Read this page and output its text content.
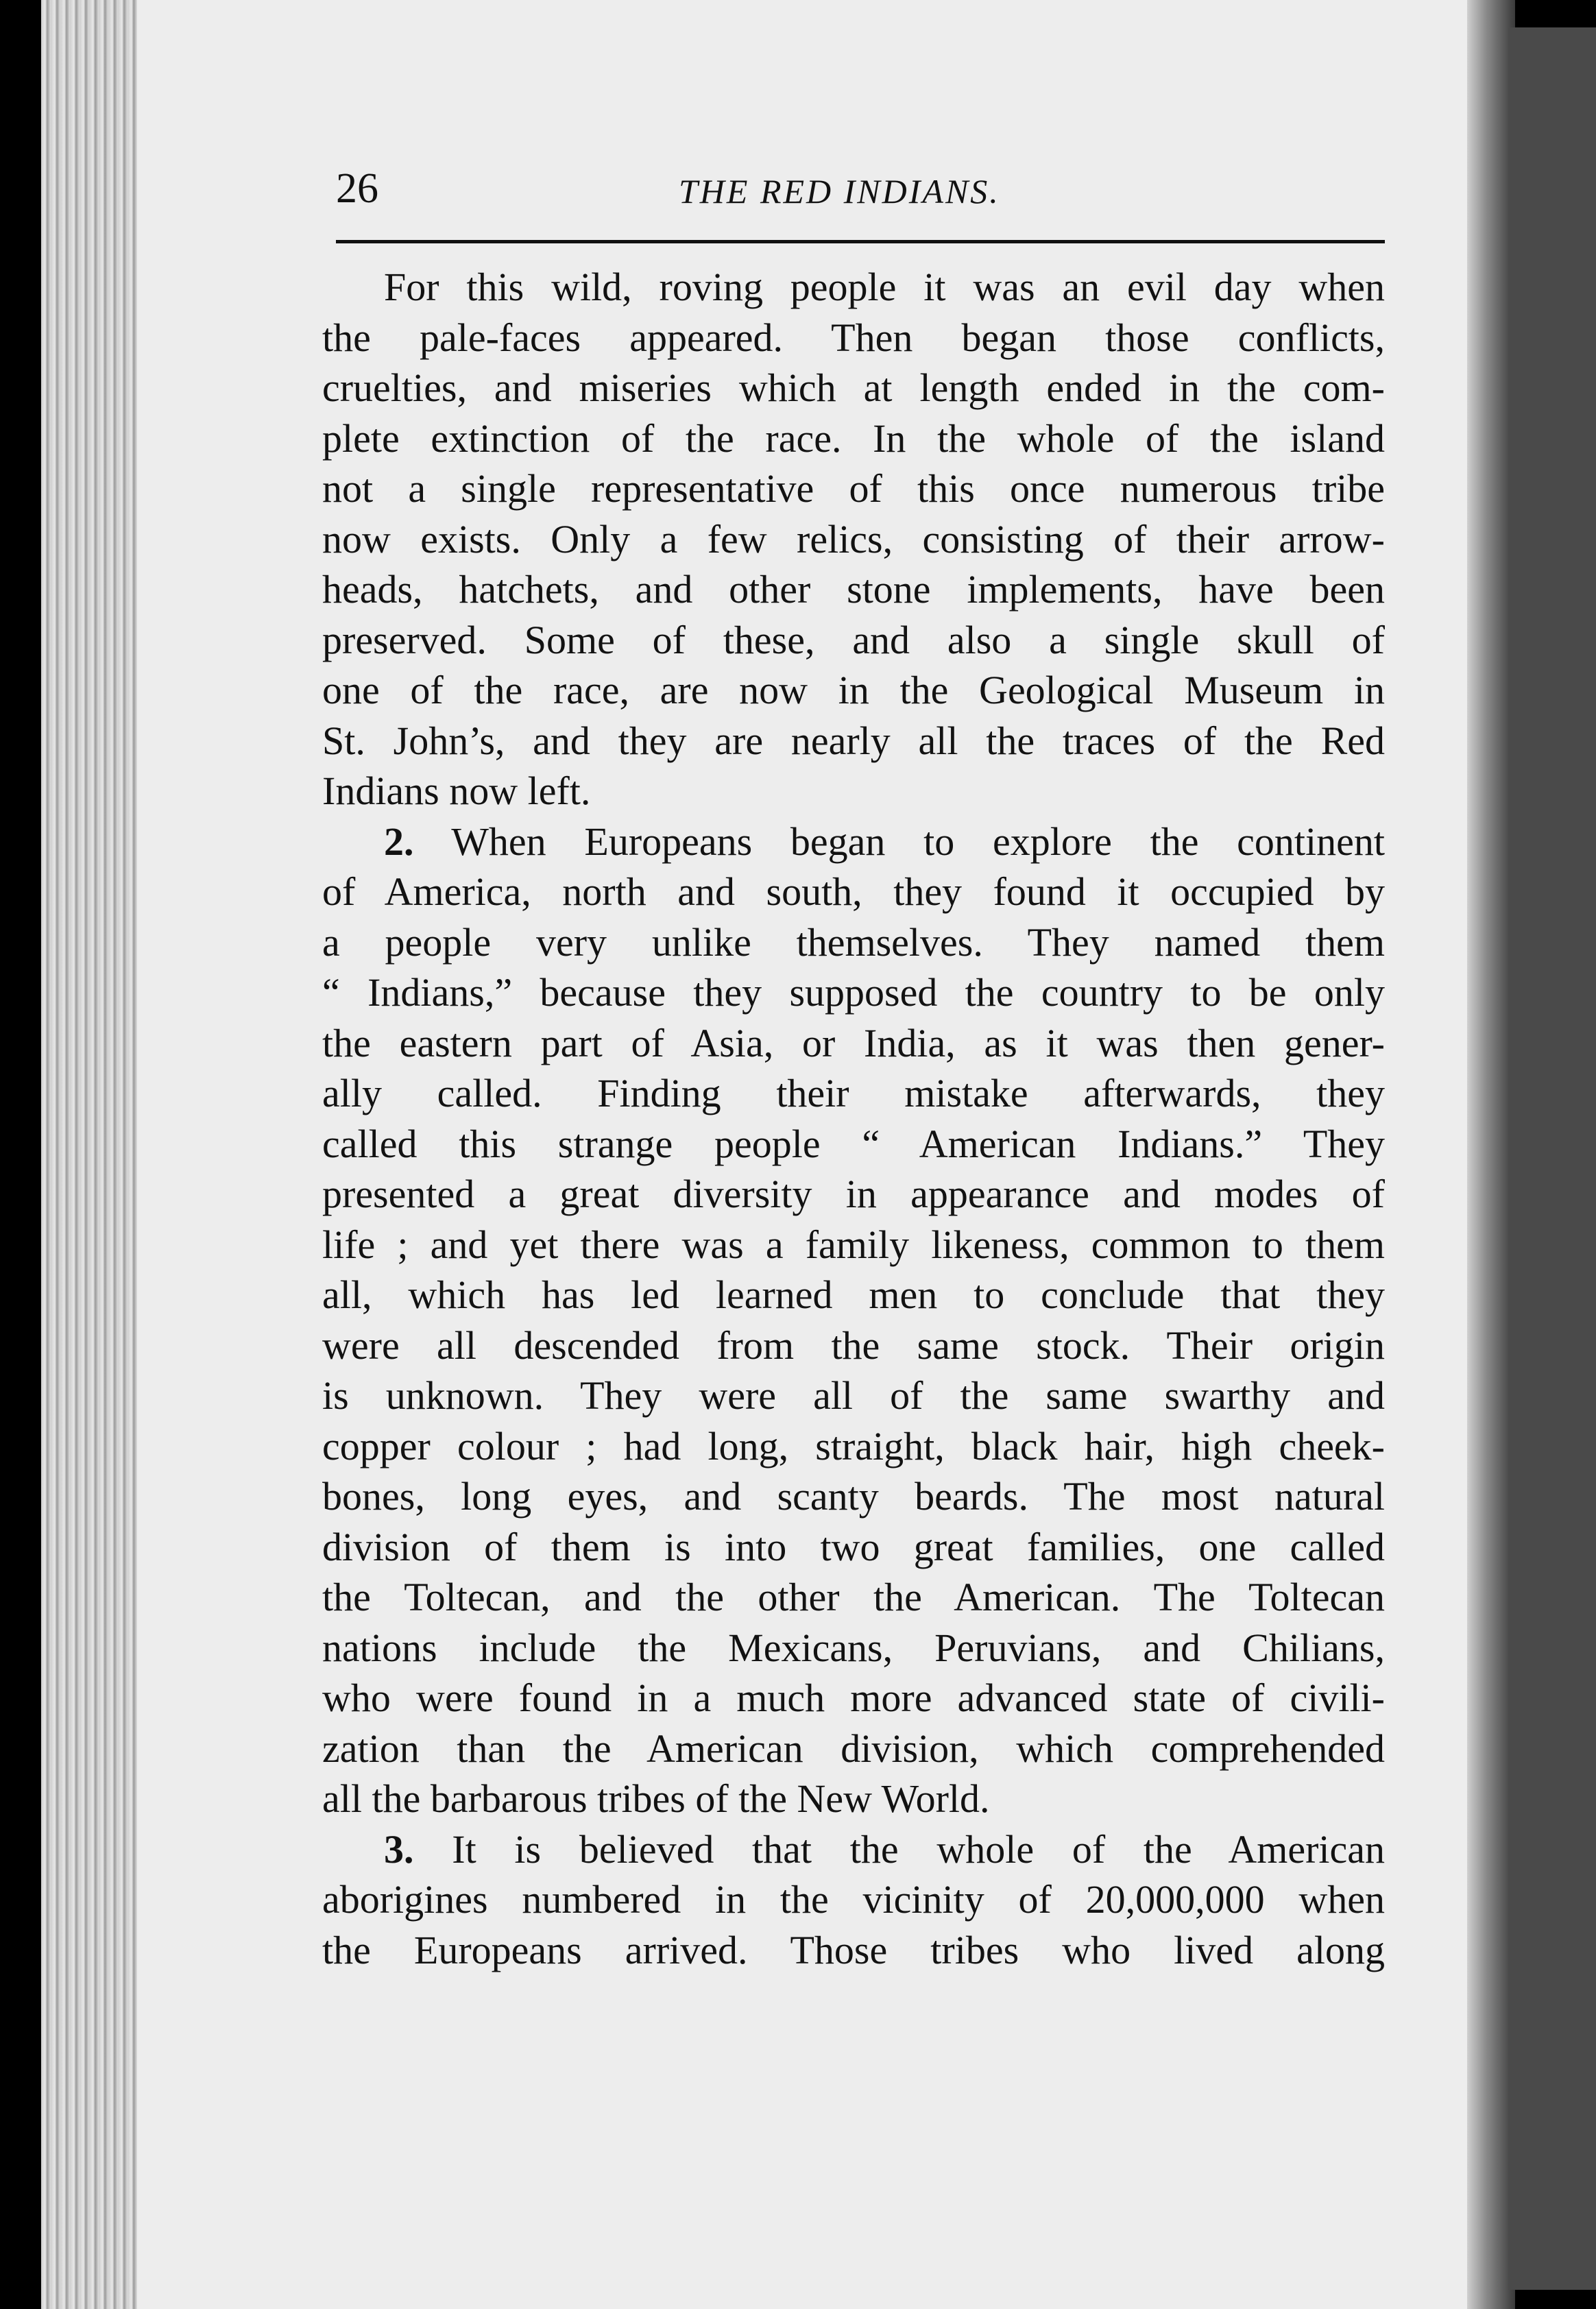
26	THE RED INDIANS.
For this wild, roving people it was an evil day when
the pale-faces appeared. Then began those conflicts,
cruelties, and miseries which at length ended in the com-
plete extinction of the race. In the whole of the island
not a single representative of this once numerous tribe
now exists. Only a few relics, consisting of their arrow-
heads, hatchets, and other stone implements, have been
preserved. Some of these, and also a single skull of
one of the race, are now in the Geological Museum in
St. John’s, and they are nearly all the traces of the Red
Indians now left.
2. When Europeans began to explore the continent
of America, north and south, they found it occupied by
a people very unlike themselves. They named them
“ Indians,” because they supposed the country to be only
the eastern part of Asia, or India, as it was then gener-
ally called. Finding their mistake afterwards, they
called this strange people “ American Indians.” They
presented a great diversity in appearance and modes of
life ; and yet there was a family likeness, common to them
all, which has led learned men to conclude that they
were all descended from the same stock. Their origin
is unknown. They were all of the same swarthy and
copper colour ; had long, straight, black hair, high cheek-
bones, long eyes, and scanty beards. The most natural
division of them is into two great families, one called
the Toltecan, and the other the American. The Toltecan
nations include the Mexicans, Peruvians, and Chilians,
who were found in a much more advanced state of civili-
zation than the American division, which comprehended
all the barbarous tribes of the New World.
3. It is believed that the whole of the American
aborigines numbered in the vicinity of 20,000,000 when
the Europeans arrived. Those tribes who lived along
